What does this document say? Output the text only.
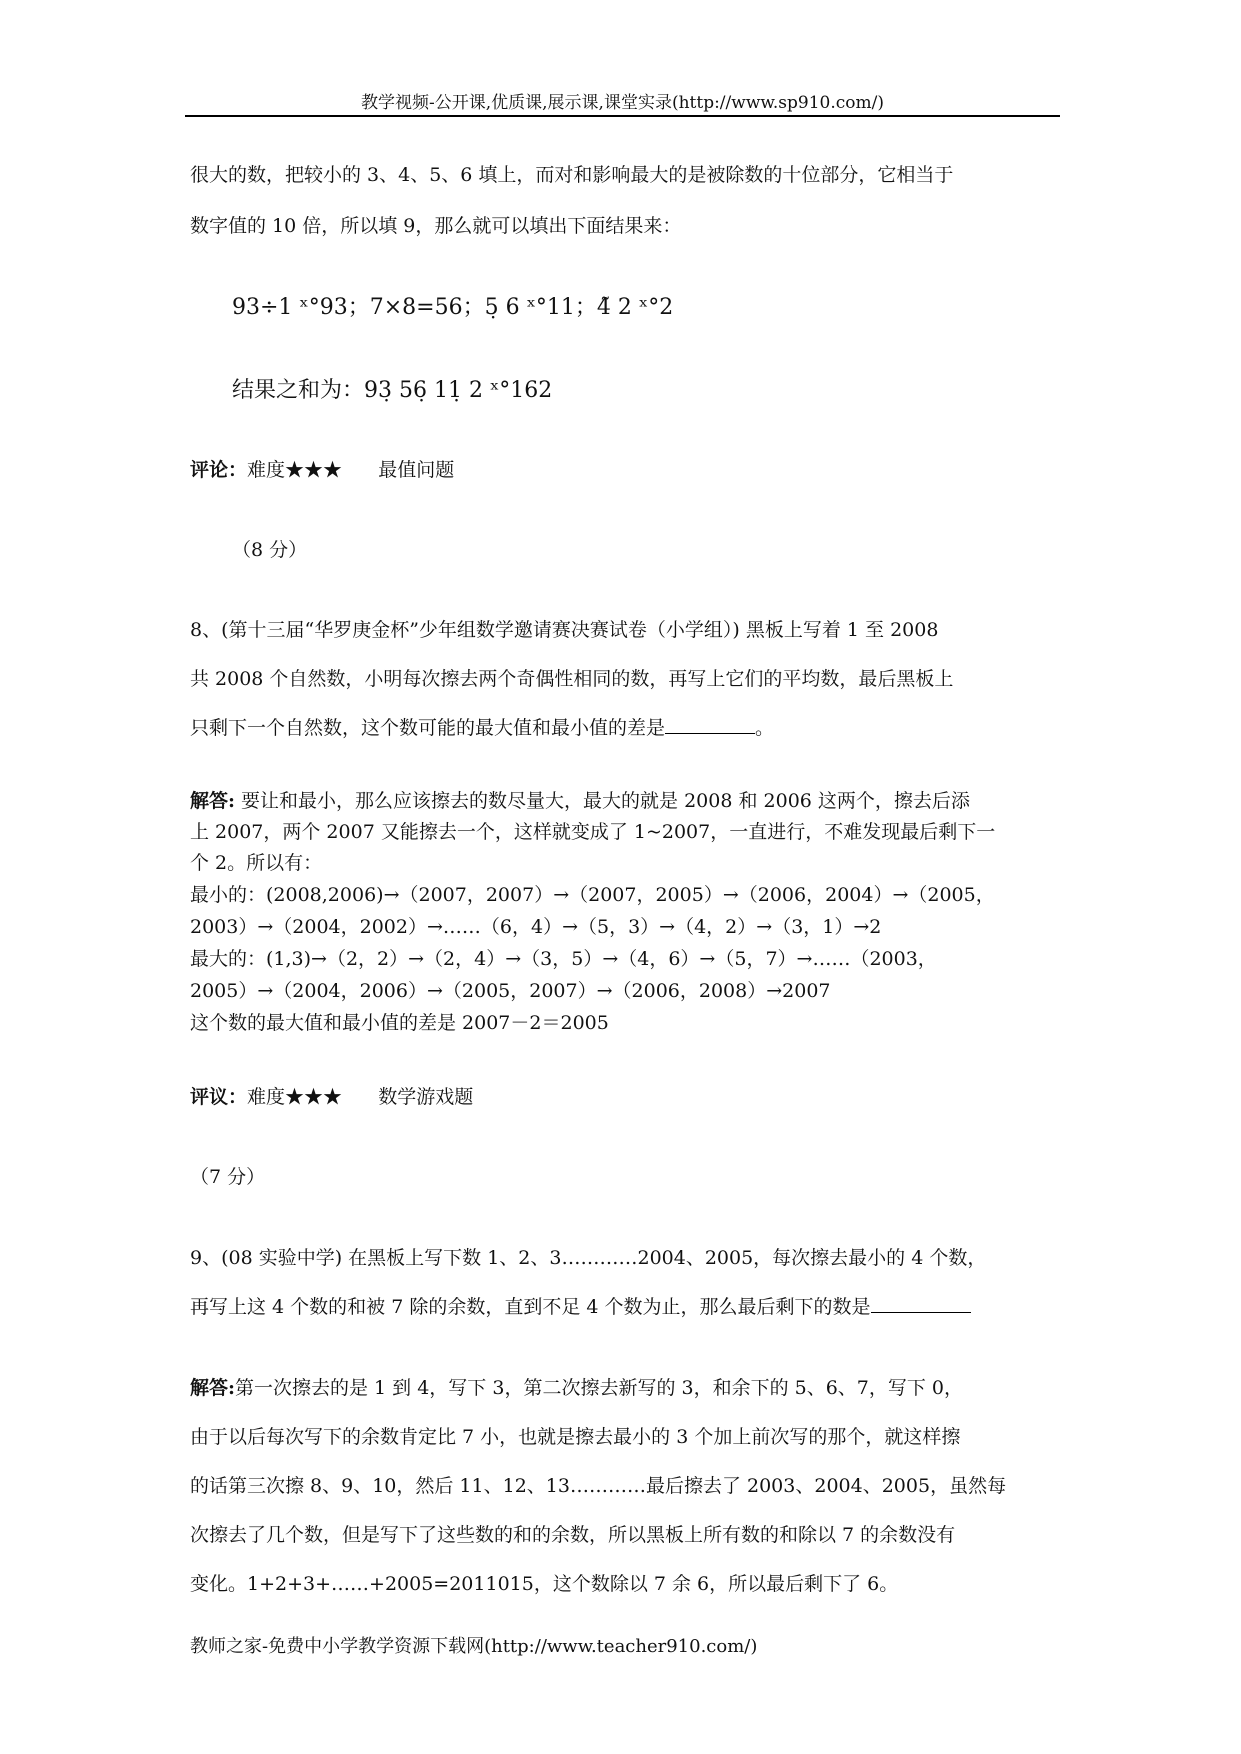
教学视频-公开课,优质课,展示课,课堂实录(http://www.sp910.com/)
很大的数，把较小的 3、4、5、6 填上，而对和影响最大的是被除数的十位部分，它相当于
数字值的 10 倍，所以填 9，那么就可以填出下面结果来：
93÷1 ˣ°93；7×8=56；5̣ 6 ˣ°11；4̃ 2 ˣ°2
结果之和为：93̣ 56̣ 11̣ 2 ˣ°162
评论：难度★★★      最值问题
（8 分）
8、(第十三届“华罗庚金杯”少年组数学邀请赛决赛试卷（小学组）) 黑板上写着 1 至 2008
共 2008 个自然数，小明每次擦去两个奇偶性相同的数，再写上它们的平均数，最后黑板上
只剩下一个自然数，这个数可能的最大值和最小值的差是	。
解答: 要让和最小，那么应该擦去的数尽量大，最大的就是 2008 和 2006 这两个，擦去后添
上 2007，两个 2007 又能擦去一个，这样就变成了 1~2007，一直进行，不难发现最后剩下一
个 2。所以有：
最小的：(2008,2006)→（2007，2007）→（2007，2005）→（2006，2004）→（2005，
2003）→（2004，2002）→……（6，4）→（5，3）→（4，2）→（3，1）→2
最大的：(1,3)→（2，2）→（2，4）→（3，5）→（4，6）→（5，7）→……（2003，
2005）→（2004，2006）→（2005，2007）→（2006，2008）→2007
这个数的最大值和最小值的差是 2007－2＝2005
评议：难度★★★      数学游戏题
（7 分）
9、(08 实验中学) 在黑板上写下数 1、2、3…………2004、2005，每次擦去最小的 4 个数，
再写上这 4 个数的和被 7 除的余数，直到不足 4 个数为止，那么最后剩下的数是
解答:第一次擦去的是 1 到 4，写下 3，第二次擦去新写的 3，和余下的 5、6、7，写下 0，
由于以后每次写下的余数肯定比 7 小，也就是擦去最小的 3 个加上前次写的那个，就这样擦
的话第三次擦 8、9、10，然后 11、12、13…………最后擦去了 2003、2004、2005，虽然每
次擦去了几个数，但是写下了这些数的和的余数，所以黑板上所有数的和除以 7 的余数没有
变化。1+2+3+……+2005=2011015，这个数除以 7 余 6，所以最后剩下了 6。
教师之家-免费中小学教学资源下载网(http://www.teacher910.com/)
